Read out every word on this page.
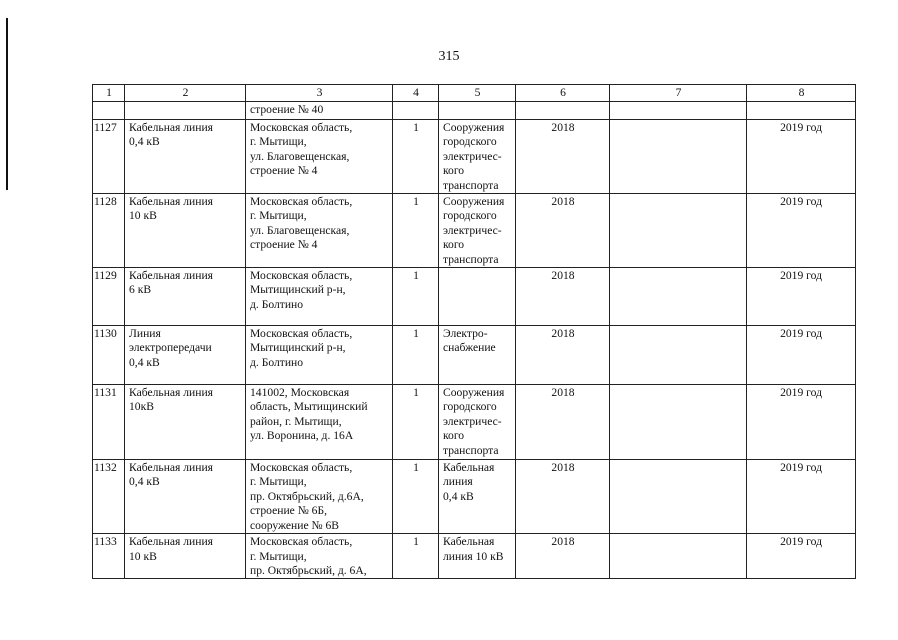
315
1	2	3	4	5	6	7	8
		строение № 40					
1127	Кабельная линия
0,4 кВ	Московская область,
г. Мытищи,
ул. Благовещенская,
строение № 4	1	Сооружения
городского
электричес-
кого
транспорта	2018		2019 год
1128	Кабельная линия
10 кВ	Московская область,
г. Мытищи,
ул. Благовещенская,
строение № 4	1	Сооружения
городского
электричес-
кого
транспорта	2018		2019 год
1129	Кабельная линия
6 кВ	Московская область,
Мытищинский р-н,
д. Болтино	1		2018		2019 год
1130	Линия
электропередачи
0,4 кВ	Московская область,
Мытищинский р-н,
д. Болтино	1	Электро-
снабжение	2018		2019 год
1131	Кабельная линия
10кВ	141002, Московская
область, Мытищинский
район, г. Мытищи,
ул. Воронина, д. 16А	1	Сооружения
городского
электричес-
кого
транспорта	2018		2019 год
1132	Кабельная линия
0,4 кВ	Московская область,
г. Мытищи,
пр. Октябрьский, д.6А,
строение № 6Б,
сооружение № 6В	1	Кабельная
линия
0,4 кВ	2018		2019 год
1133	Кабельная линия
10 кВ	Московская область,
г. Мытищи,
пр. Октябрьский, д. 6А,	1	Кабельная
линия 10 кВ	2018		2019 год
